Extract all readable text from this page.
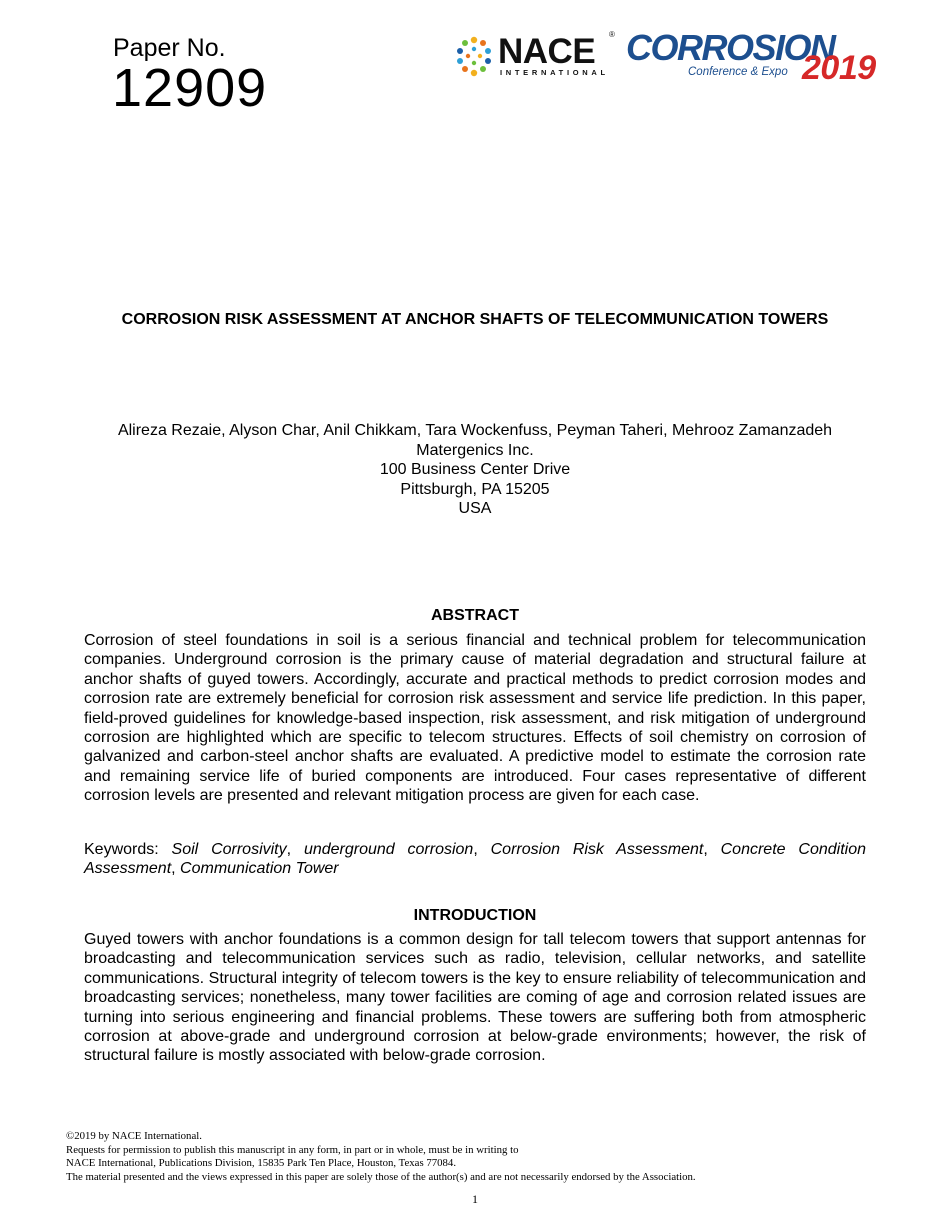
Paper No.
12909
NACE ®
INTERNATIONAL
CORROSION
Conference & Expo 2019
CORROSION RISK ASSESSMENT AT ANCHOR SHAFTS OF TELECOMMUNICATION TOWERS
Alireza Rezaie, Alyson Char, Anil Chikkam, Tara Wockenfuss, Peyman Taheri, Mehrooz Zamanzadeh
Matergenics Inc.
100 Business Center Drive
Pittsburgh, PA 15205
USA
ABSTRACT

Corrosion of steel foundations in soil is a serious financial and technical problem for telecommunication companies. Underground corrosion is the primary cause of material degradation and structural failure at anchor shafts of guyed towers. Accordingly, accurate and practical methods to predict corrosion modes and corrosion rate are extremely beneficial for corrosion risk assessment and service life prediction. In this paper, field-proved guidelines for knowledge-based inspection, risk assessment, and risk mitigation of underground corrosion are highlighted which are specific to telecom structures. Effects of soil chemistry on corrosion of galvanized and carbon-steel anchor shafts are evaluated. A predictive model to estimate the corrosion rate and remaining service life of buried components are introduced. Four cases representative of different corrosion levels are presented and relevant mitigation process are given for each case.

Keywords: Soil Corrosivity, underground corrosion, Corrosion Risk Assessment, Concrete Condition Assessment, Communication Tower

INTRODUCTION

Guyed towers with anchor foundations is a common design for tall telecom towers that support antennas for broadcasting and telecommunication services such as radio, television, cellular networks, and satellite communications. Structural integrity of telecom towers is the key to ensure reliability of telecommunication and broadcasting services; nonetheless, many tower facilities are coming of age and corrosion related issues are turning into serious engineering and financial problems. These towers are suffering both from atmospheric corrosion at above-grade and underground corrosion at below-grade environments; however, the risk of structural failure is mostly associated with below-grade corrosion.

©2019 by NACE International.
Requests for permission to publish this manuscript in any form, in part or in whole, must be in writing to
NACE International, Publications Division, 15835 Park Ten Place, Houston, Texas 77084.
The material presented and the views expressed in this paper are solely those of the author(s) and are not necessarily endorsed by the Association.
1
